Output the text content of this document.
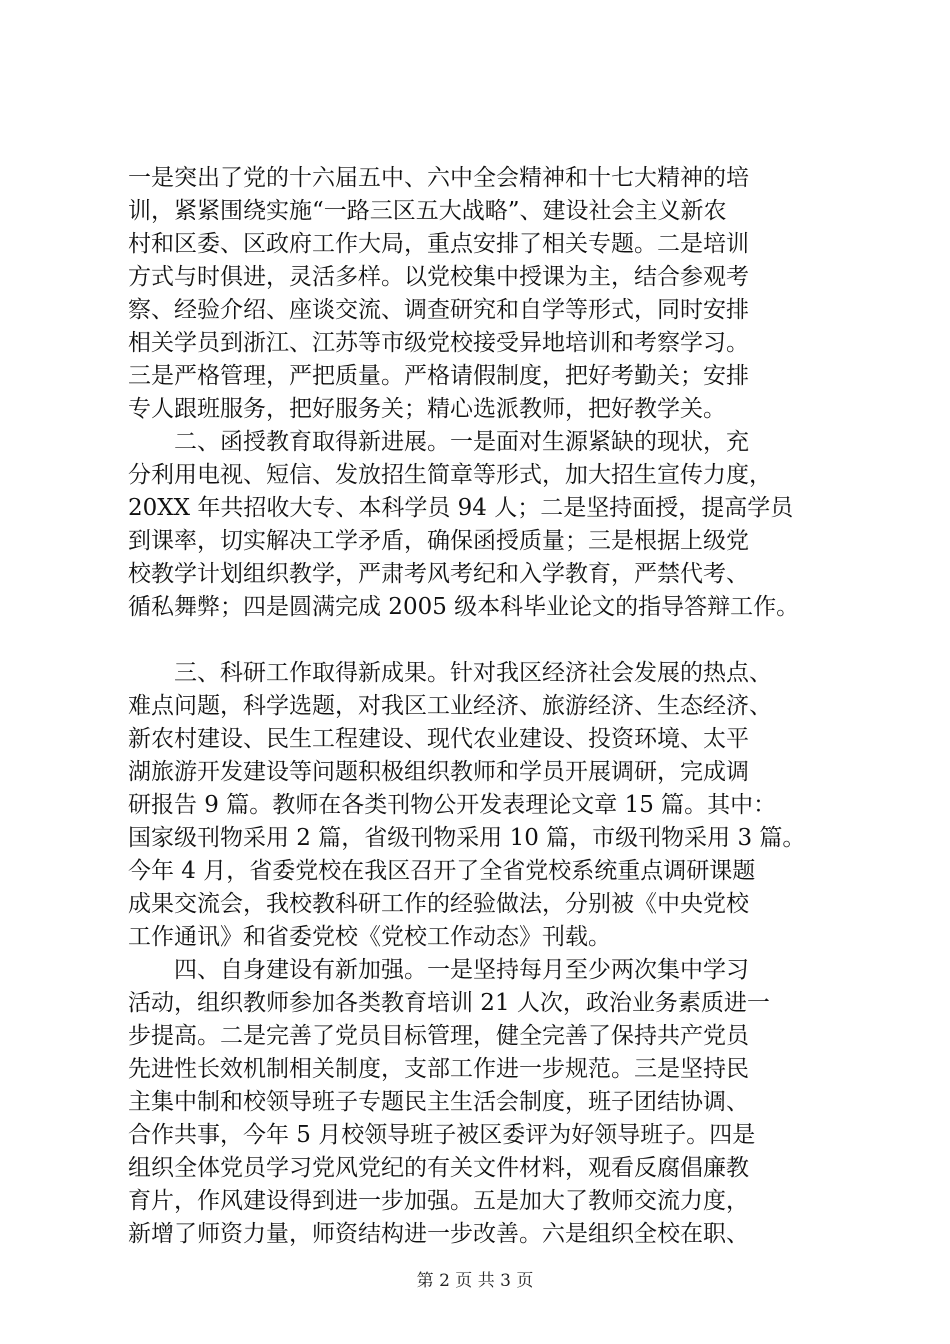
一是突出了党的十六届五中、六中全会精神和十七大精神的培
训，紧紧围绕实施“一路三区五大战略”、建设社会主义新农
村和区委、区政府工作大局，重点安排了相关专题。二是培训
方式与时俱进，灵活多样。以党校集中授课为主，结合参观考
察、经验介绍、座谈交流、调查研究和自学等形式，同时安排
相关学员到浙江、江苏等市级党校接受异地培训和考察学习。
三是严格管理，严把质量。严格请假制度，把好考勤关；安排
专人跟班服务，把好服务关；精心选派教师，把好教学关。
　　二、函授教育取得新进展。一是面对生源紧缺的现状，充
分利用电视、短信、发放招生简章等形式，加大招生宣传力度，
20XX 年共招收大专、本科学员 94 人；二是坚持面授，提高学员
到课率，切实解决工学矛盾，确保函授质量；三是根据上级党
校教学计划组织教学，严肃考风考纪和入学教育，严禁代考、
循私舞弊；四是圆满完成 2005 级本科毕业论文的指导答辩工作。
　　三、科研工作取得新成果。针对我区经济社会发展的热点、
难点问题，科学选题，对我区工业经济、旅游经济、生态经济、
新农村建设、民生工程建设、现代农业建设、投资环境、太平
湖旅游开发建设等问题积极组织教师和学员开展调研，完成调
研报告 9 篇。教师在各类刊物公开发表理论文章 15 篇。其中：
国家级刊物采用 2 篇，省级刊物采用 10 篇，市级刊物采用 3 篇。
今年 4 月，省委党校在我区召开了全省党校系统重点调研课题
成果交流会，我校教科研工作的经验做法，分别被《中央党校
工作通讯》和省委党校《党校工作动态》刊载。
　　四、自身建设有新加强。一是坚持每月至少两次集中学习
活动，组织教师参加各类教育培训 21 人次，政治业务素质进一
步提高。二是完善了党员目标管理，健全完善了保持共产党员
先进性长效机制相关制度，支部工作进一步规范。三是坚持民
主集中制和校领导班子专题民主生活会制度，班子团结协调、
合作共事，今年 5 月校领导班子被区委评为好领导班子。四是
组织全体党员学习党风党纪的有关文件材料，观看反腐倡廉教
育片，作风建设得到进一步加强。五是加大了教师交流力度，
新增了师资力量，师资结构进一步改善。六是组织全校在职、
第 2 页 共 3 页
